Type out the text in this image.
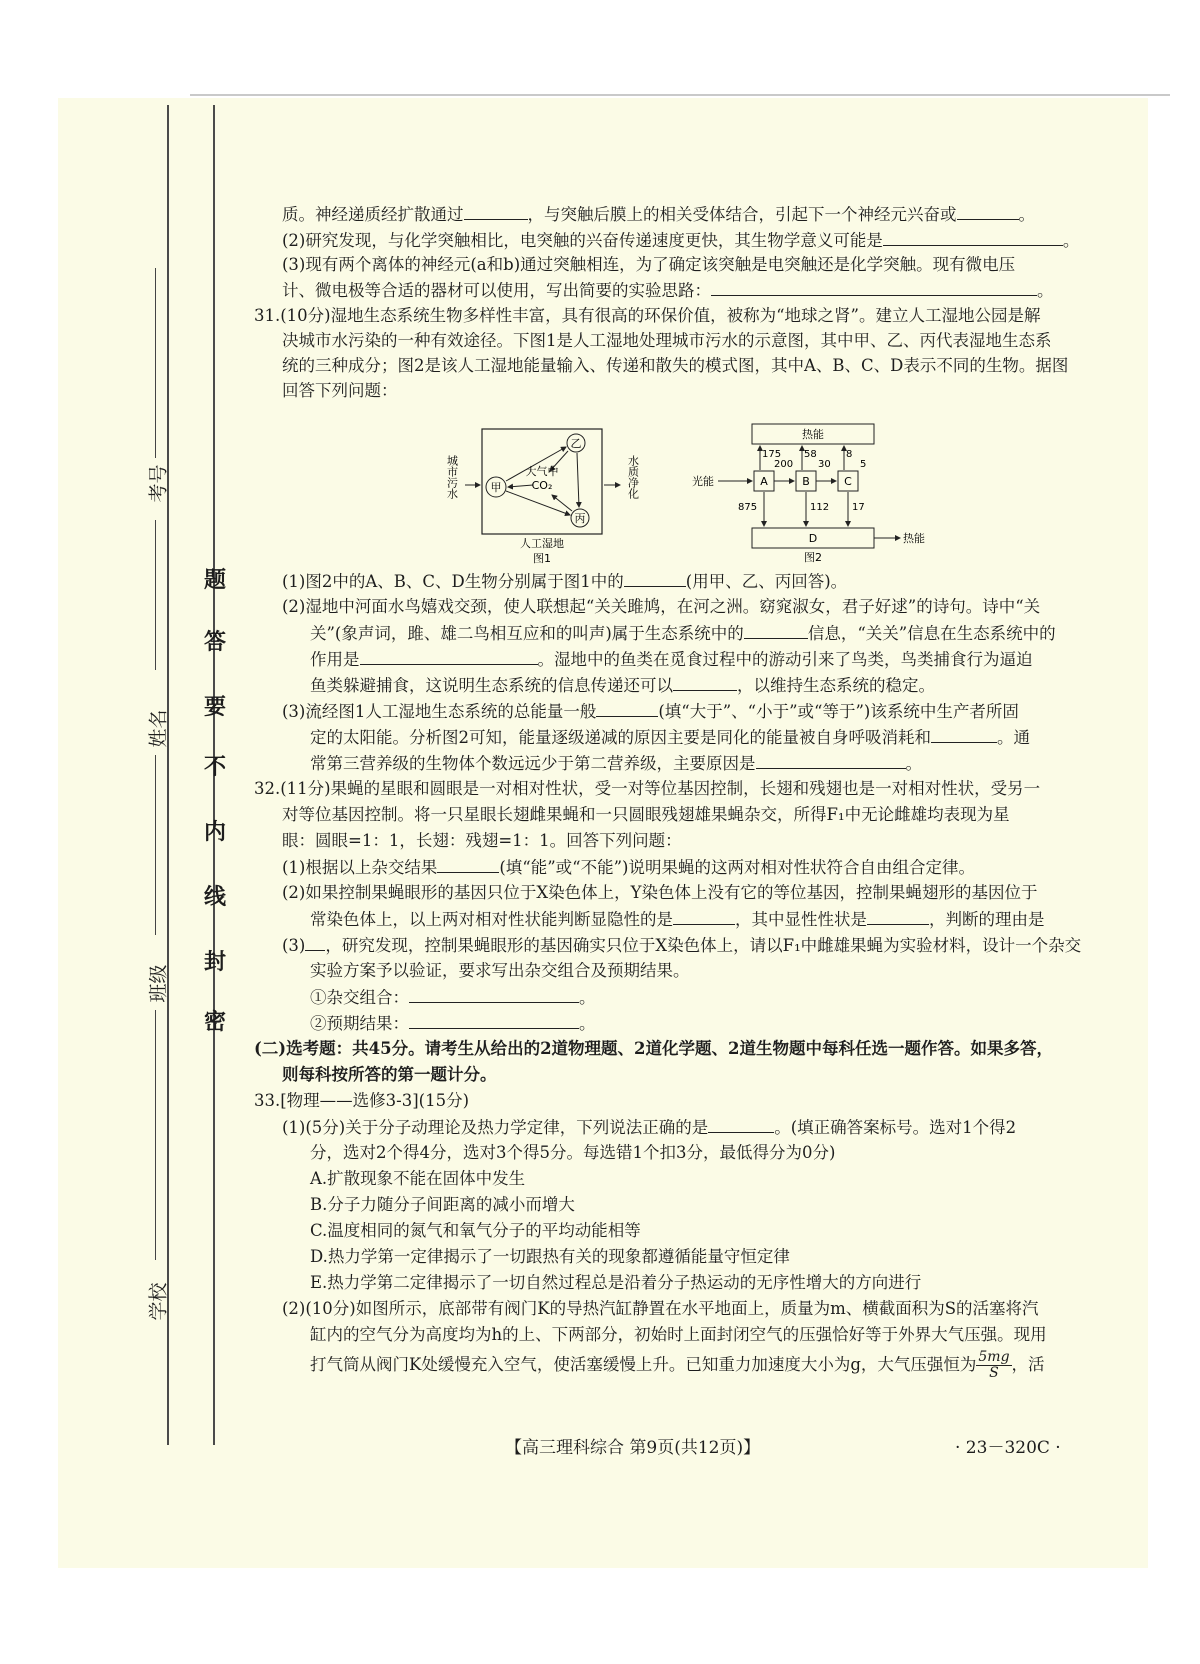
考号
姓名
班级
学校
密
封
线
内
不
要
答
题
质。神经递质经扩散通过	，与突触后膜上的相关受体结合，引起下一个神经元兴奋或	。
(2)研究发现，与化学突触相比，电突触的兴奋传递速度更快，其生物学意义可能是	。
(3)现有两个离体的神经元(a和b)通过突触相连，为了确定该突触是电突触还是化学突触。现有微电压
计、微电极等合适的器材可以使用，写出简要的实验思路：	。
31.(10分)湿地生态系统生物多样性丰富，具有很高的环保价值，被称为“地球之肾”。建立人工湿地公园是解
决城市水污染的一种有效途径。下图1是人工湿地处理城市污水的示意图，其中甲、乙、丙代表湿地生态系
统的三种成分；图2是该人工湿地能量输入、传递和散失的模式图，其中A、B、C、D表示不同的生物。据图
回答下列问题：
城市污水	水质净化
甲
乙
丙
大气中
CO₂
人工湿地
图1
热能
光能	A	B	C
D
175
200
58
30
8
5
875	112 17
热能
图2
(1)图2中的A、B、C、D生物分别属于图1中的	(用甲、乙、丙回答)。
(2)湿地中河面水鸟嬉戏交颈，使人联想起“关关雎鸠，在河之洲。窈窕淑女，君子好逑”的诗句。诗中“关
关”(象声词，雎、雄二鸟相互应和的叫声)属于生态系统中的	信息，“关关”信息在生态系统中的
作用是	。湿地中的鱼类在觅食过程中的游动引来了鸟类，鸟类捕食行为逼迫
鱼类躲避捕食，这说明生态系统的信息传递还可以	，以维持生态系统的稳定。
(3)流经图1人工湿地生态系统的总能量一般	(填“大于”、“小于”或“等于”)该系统中生产者所固
定的太阳能。分析图2可知，能量逐级递减的原因主要是同化的能量被自身呼吸消耗和	。通
常第三营养级的生物体个数远远少于第二营养级，主要原因是	。
32.(11分)果蝇的星眼和圆眼是一对相对性状，受一对等位基因控制，长翅和残翅也是一对相对性状，受另一
对等位基因控制。将一只星眼长翅雌果蝇和一只圆眼残翅雄果蝇杂交，所得F₁中无论雌雄均表现为星
眼：圆眼=1：1，长翅：残翅=1：1。回答下列问题：
(1)根据以上杂交结果	(填“能”或“不能”)说明果蝇的这两对相对性状符合自由组合定律。
(2)如果控制果蝇眼形的基因只位于X染色体上，Y染色体上没有它的等位基因，控制果蝇翅形的基因位于
常染色体上，以上两对相对性状能判断显隐性的是	，其中显性性状是	，判断的理由是
(3) ，研究发现，控制果蝇眼形的基因确实只位于X染色体上，请以F₁中雌雄果蝇为实验材料，设计一个杂交
实验方案予以验证，要求写出杂交组合及预期结果。
①杂交组合：	。
②预期结果：	。
(二)选考题：共45分。请考生从给出的2道物理题、2道化学题、2道生物题中每科任选一题作答。如果多答，
则每科按所答的第一题计分。
33.[物理——选修3-3](15分)
(1)(5分)关于分子动理论及热力学定律，下列说法正确的是	。(填正确答案标号。选对1个得2
分，选对2个得4分，选对3个得5分。每选错1个扣3分，最低得分为0分)
A.扩散现象不能在固体中发生
B.分子力随分子间距离的减小而增大
C.温度相同的氮气和氧气分子的平均动能相等
D.热力学第一定律揭示了一切跟热有关的现象都遵循能量守恒定律
E.热力学第二定律揭示了一切自然过程总是沿着分子热运动的无序性增大的方向进行
(2)(10分)如图所示，底部带有阀门K的导热汽缸静置在水平地面上，质量为m、横截面积为S的活塞将汽
缸内的空气分为高度均为h的上、下两部分，初始时上面封闭空气的压强恰好等于外界大气压强。现用
打气筒从阀门K处缓慢充入空气，使活塞缓慢上升。已知重力加速度大小为g，大气压强恒为 $\frac{5mg}{S}$ ，活
【高三理科综合 第9页(共12页)】	· 23－320C ·
